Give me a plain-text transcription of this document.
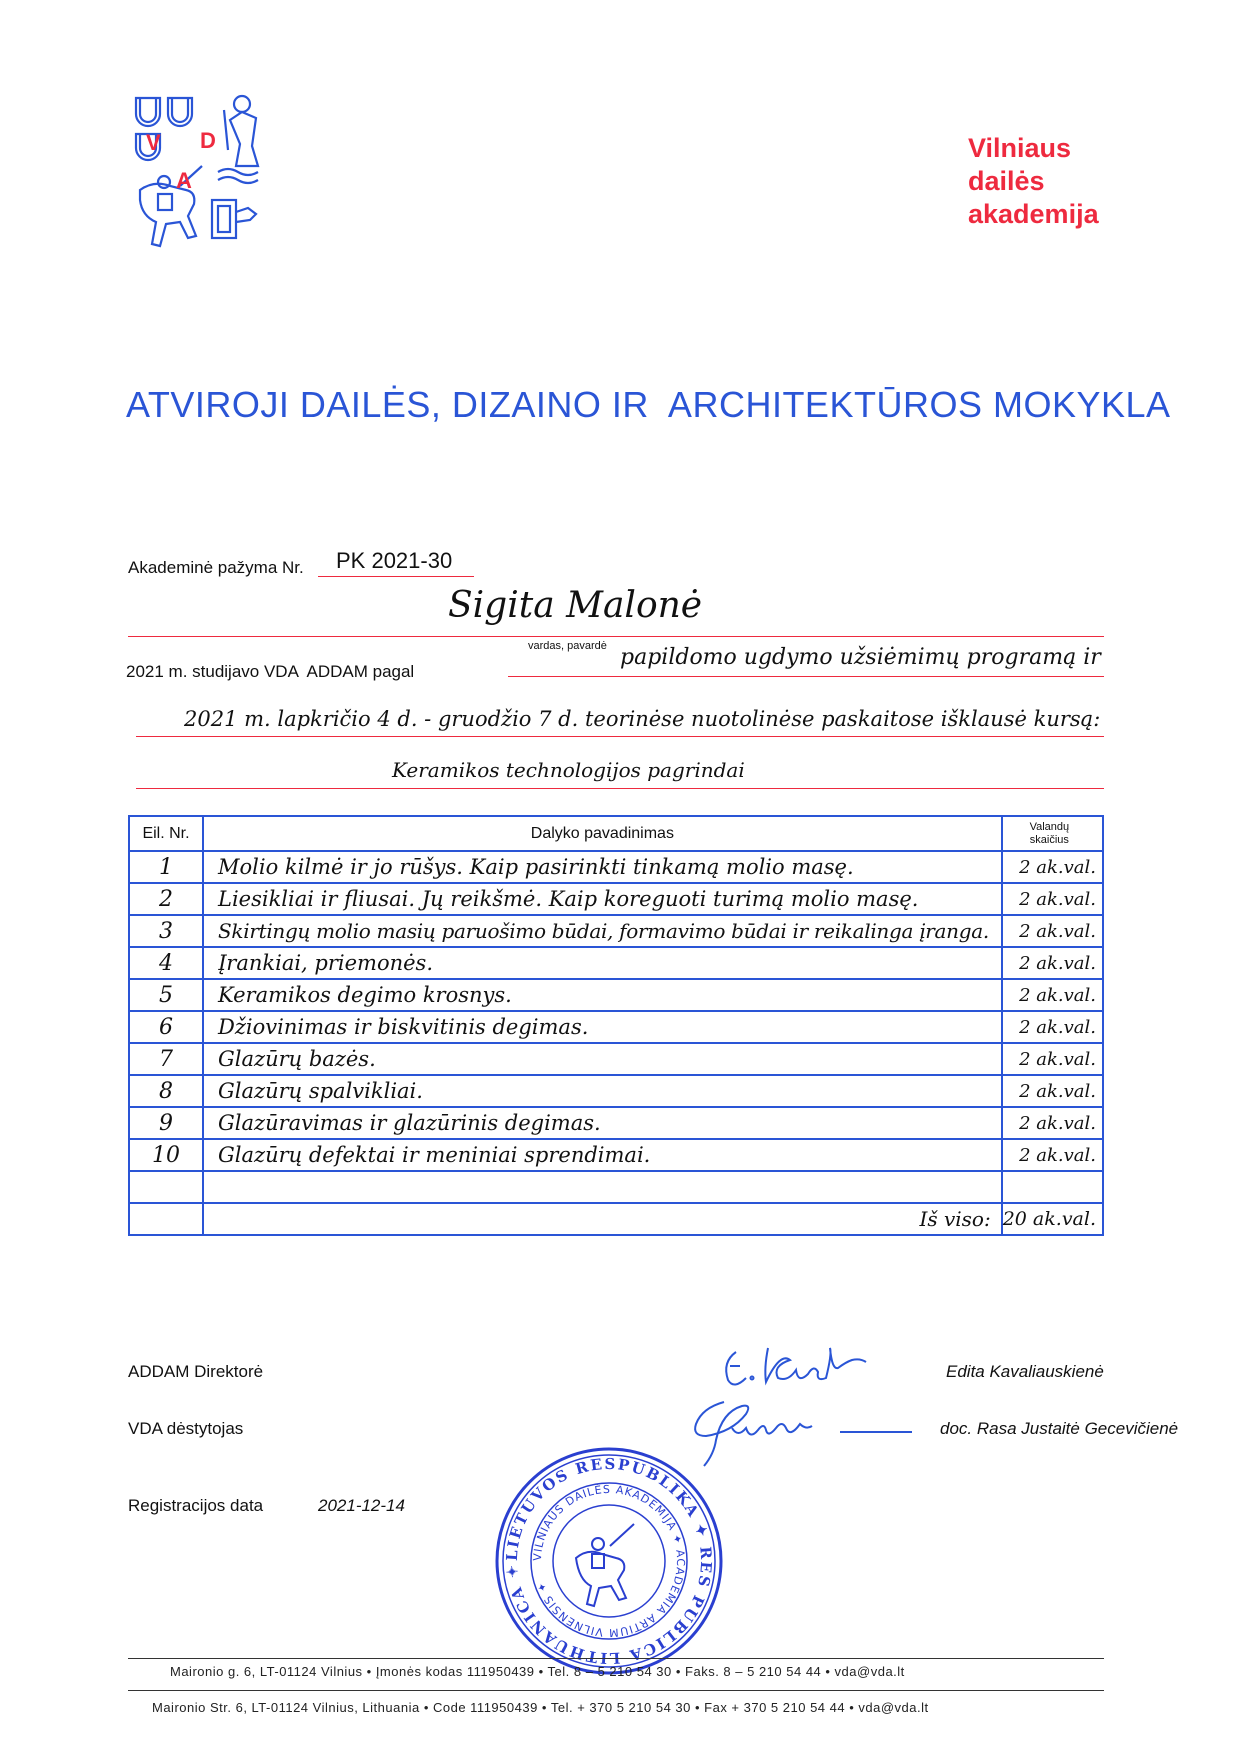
V D
A
Vilniaus
dailės
akademija
ATVIROJI DAILĖS, DIZAINO IR  ARCHITEKTŪROS MOKYKLA
Akademinė pažyma Nr. PK 2021-30
Sigita Malonė
vardas, pavardė
2021 m. studijavo VDA  ADDAM pagal
papildomo ugdymo užsiėmimų programą ir
2021 m. lapkričio 4 d. - gruodžio 7 d. teorinėse nuotolinėse paskaitose išklausė kursą:
Keramikos technologijos pagrindai
Eil. Nr.	Dalyko pavadinimas	Valandų
skaičius

1	Molio kilmė ir jo rūšys. Kaip pasirinkti tinkamą molio masę.	2 ak.val.
2	Liesikliai ir fliusai. Jų reikšmė. Kaip koreguoti turimą molio masę.	2 ak.val.
3	Skirtingų molio masių paruošimo būdai, formavimo būdai ir reikalinga įranga.	2 ak.val.
4	Įrankiai, priemonės.	2 ak.val.
5	Keramikos degimo krosnys.	2 ak.val.
6	Džiovinimas ir biskvitinis degimas.	2 ak.val.
7	Glazūrų bazės.	2 ak.val.
8	Glazūrų spalvikliai.	2 ak.val.
9	Glazūravimas ir glazūrinis degimas.	2 ak.val.
10	Glazūrų defektai ir meniniai sprendimai.	2 ak.val.

	Iš viso:	20 ak.val.
ADDAM Direktorė	Edita Kavaliauskienė
VDA dėstytojas	doc. Rasa Justaitė Gecevičienė
Registracijos data	2021-12-14
LIETUVOS RESPUBLIKA ✦ RES PUBLICA LITHUANICA ✦
VILNIAUS DAILĖS AKADEMIJA ✦ ACADEMIA ARTIUM VILNENSIS ✦
Maironio g. 6, LT-01124 Vilnius • Įmonės kodas 111950439 • Tel. 8 – 5 210 54 30 • Faks. 8 – 5 210 54 44 • vda@vda.lt
Maironio Str. 6, LT-01124 Vilnius, Lithuania • Code 111950439 • Tel. + 370 5 210 54 30 • Fax + 370 5 210 54 44 • vda@vda.lt
